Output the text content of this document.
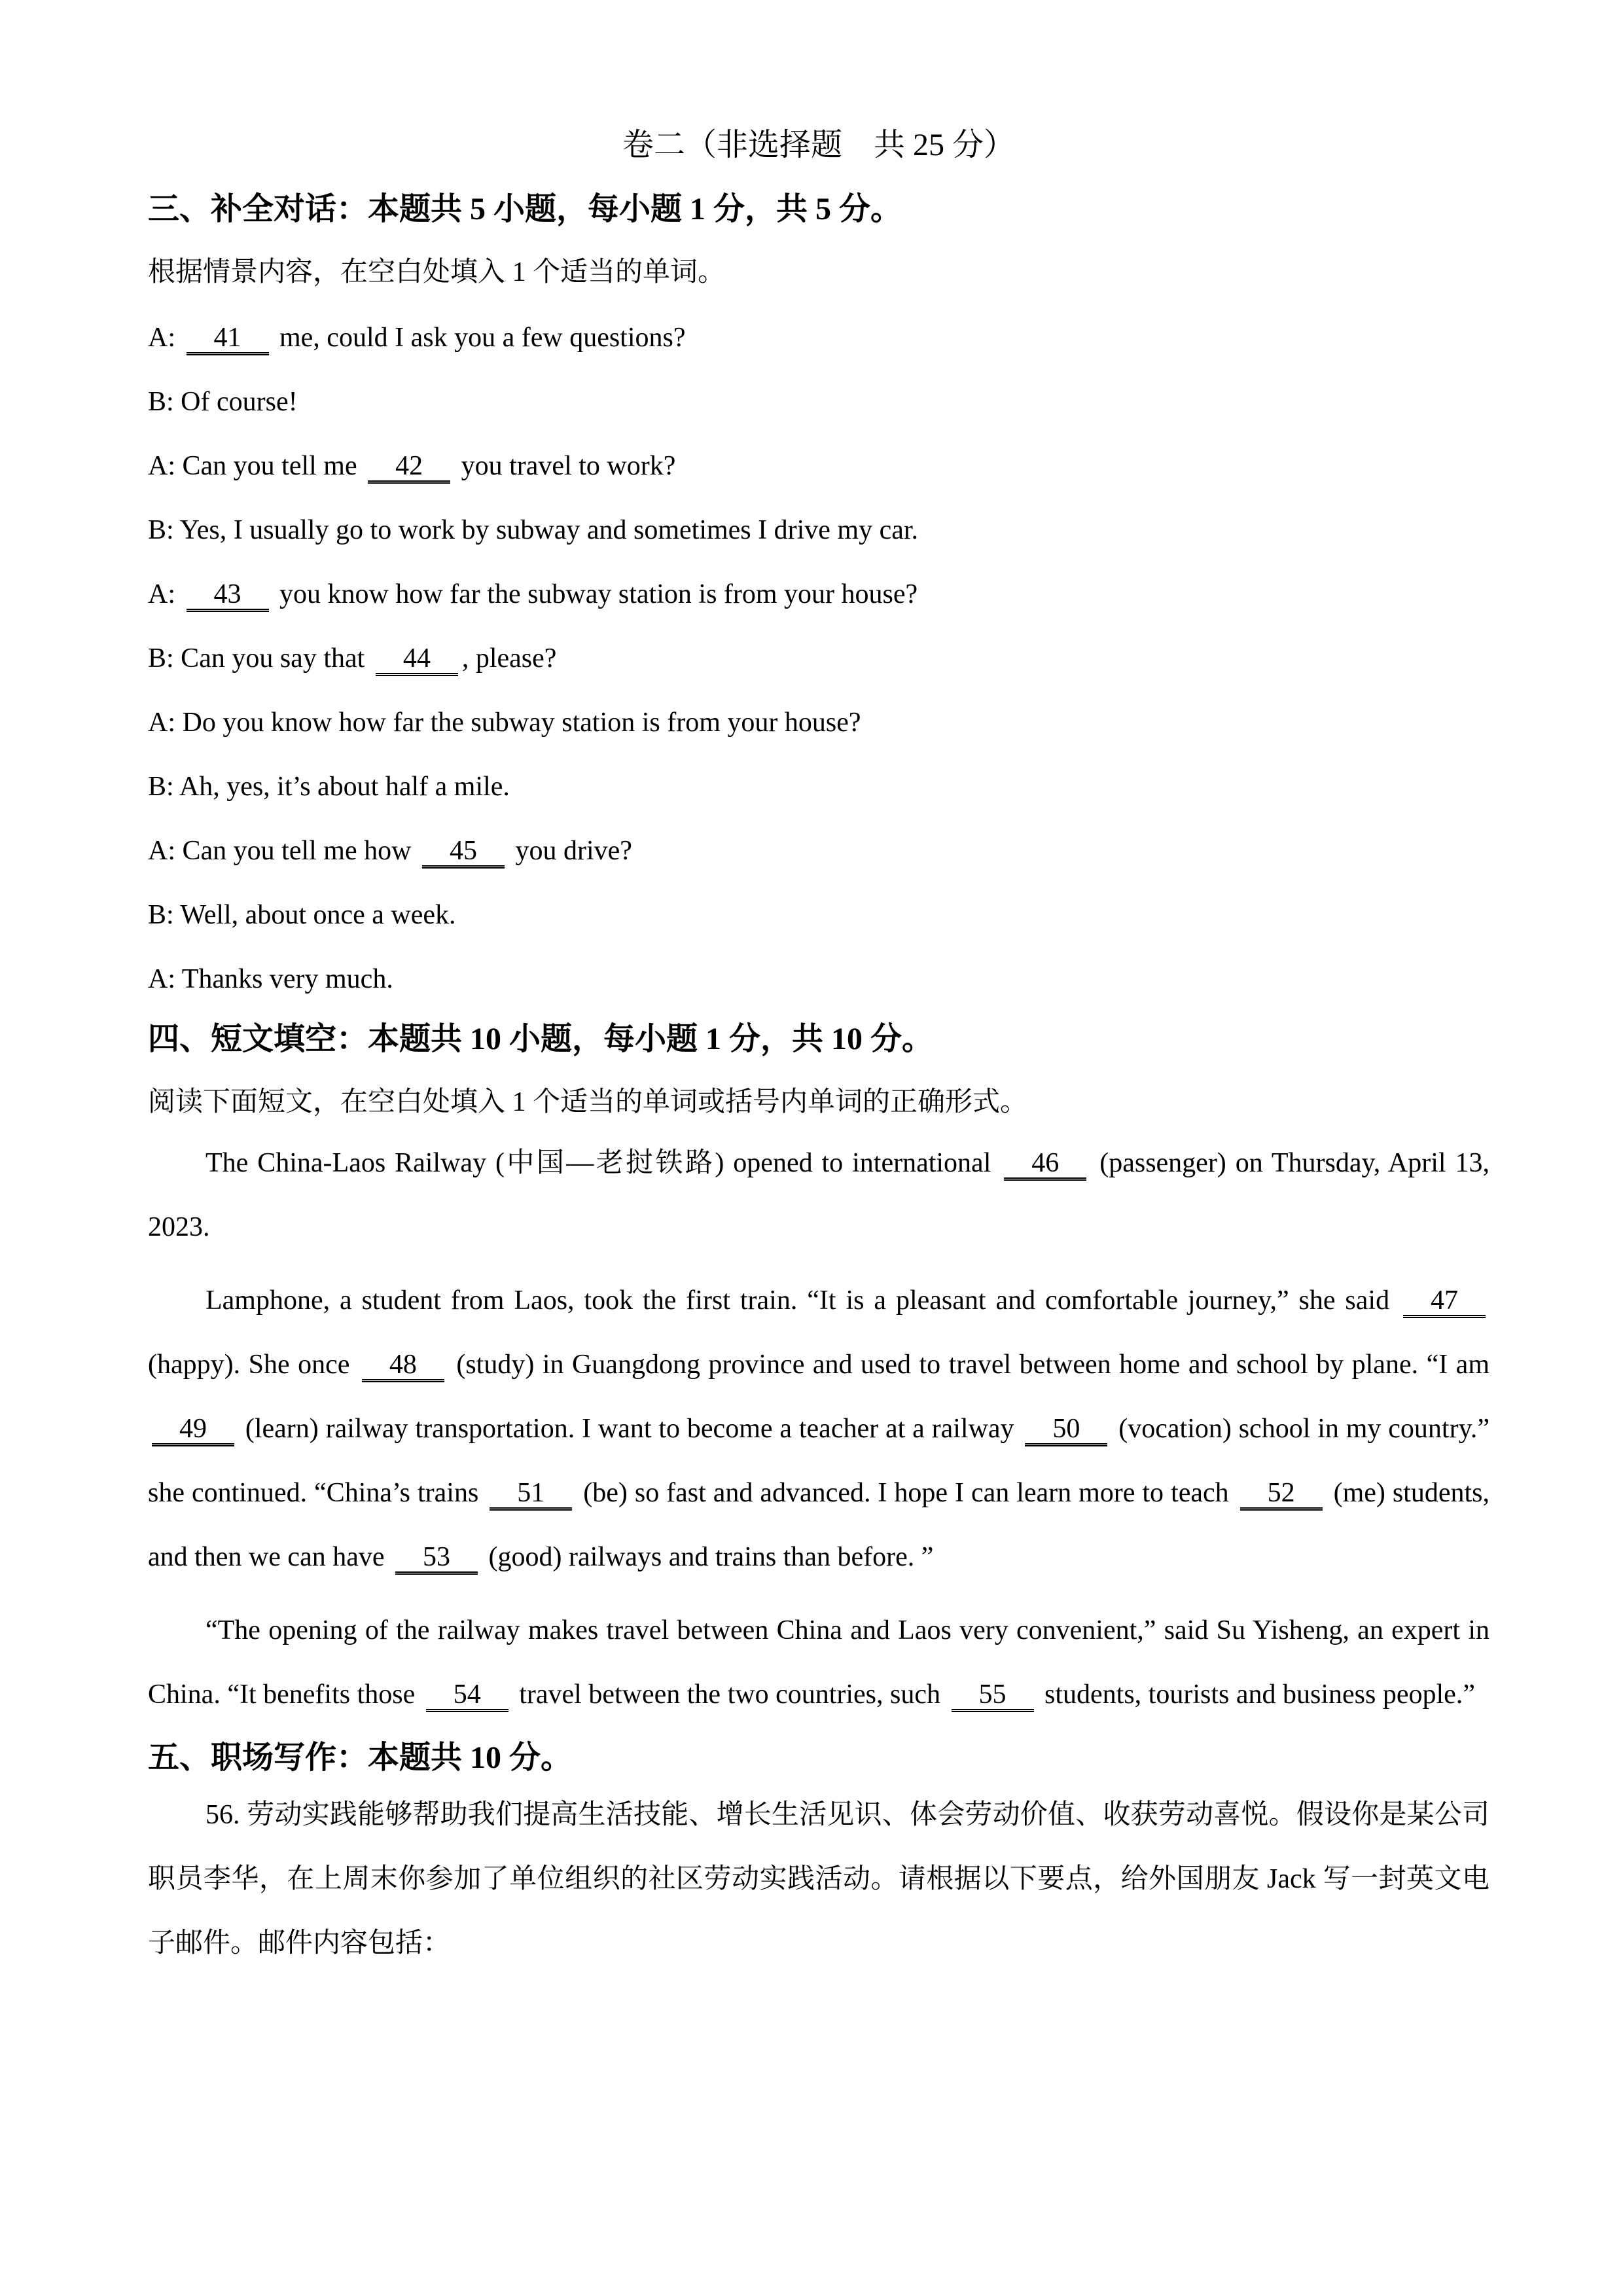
卷二（非选择题　共 25 分）
三、补全对话：本题共 5 小题，每小题 1 分，共 5 分。
根据情景内容，在空白处填入 1 个适当的单词。
A: 41 me, could I ask you a few questions?
B: Of course!
A: Can you tell me 42 you travel to work?
B: Yes, I usually go to work by subway and sometimes I drive my car.
A: 43 you know how far the subway station is from your house?
B: Can you say that 44 , please?
A: Do you know how far the subway station is from your house?
B: Ah, yes, it’s about half a mile.
A: Can you tell me how 45 you drive?
B: Well, about once a week.
A: Thanks very much.
四、短文填空：本题共 10 小题，每小题 1 分，共 10 分。
阅读下面短文，在空白处填入 1 个适当的单词或括号内单词的正确形式。
The China-Laos Railway (中国—老挝铁路) opened to international 46 (passenger) on Thursday, April 13, 2023.
Lamphone, a student from Laos, took the first train. “It is a pleasant and comfortable journey,” she said 47 (happy). She once 48 (study) in Guangdong province and used to travel between home and school by plane. “I am 49 (learn) railway transportation. I want to become a teacher at a railway 50 (vocation) school in my country.” she continued. “China’s trains 51 (be) so fast and advanced. I hope I can learn more to teach 52 (me) students, and then we can have 53 (good) railways and trains than before. ”
“The opening of the railway makes travel between China and Laos very convenient,” said Su Yisheng, an expert in China. “It benefits those 54 travel between the two countries, such 55 students, tourists and business people.”
五、职场写作：本题共 10 分。
56. 劳动实践能够帮助我们提高生活技能、增长生活见识、体会劳动价值、收获劳动喜悦。假设你是某公司职员李华，在上周末你参加了单位组织的社区劳动实践活动。请根据以下要点，给外国朋友 Jack 写一封英文电子邮件。邮件内容包括：
